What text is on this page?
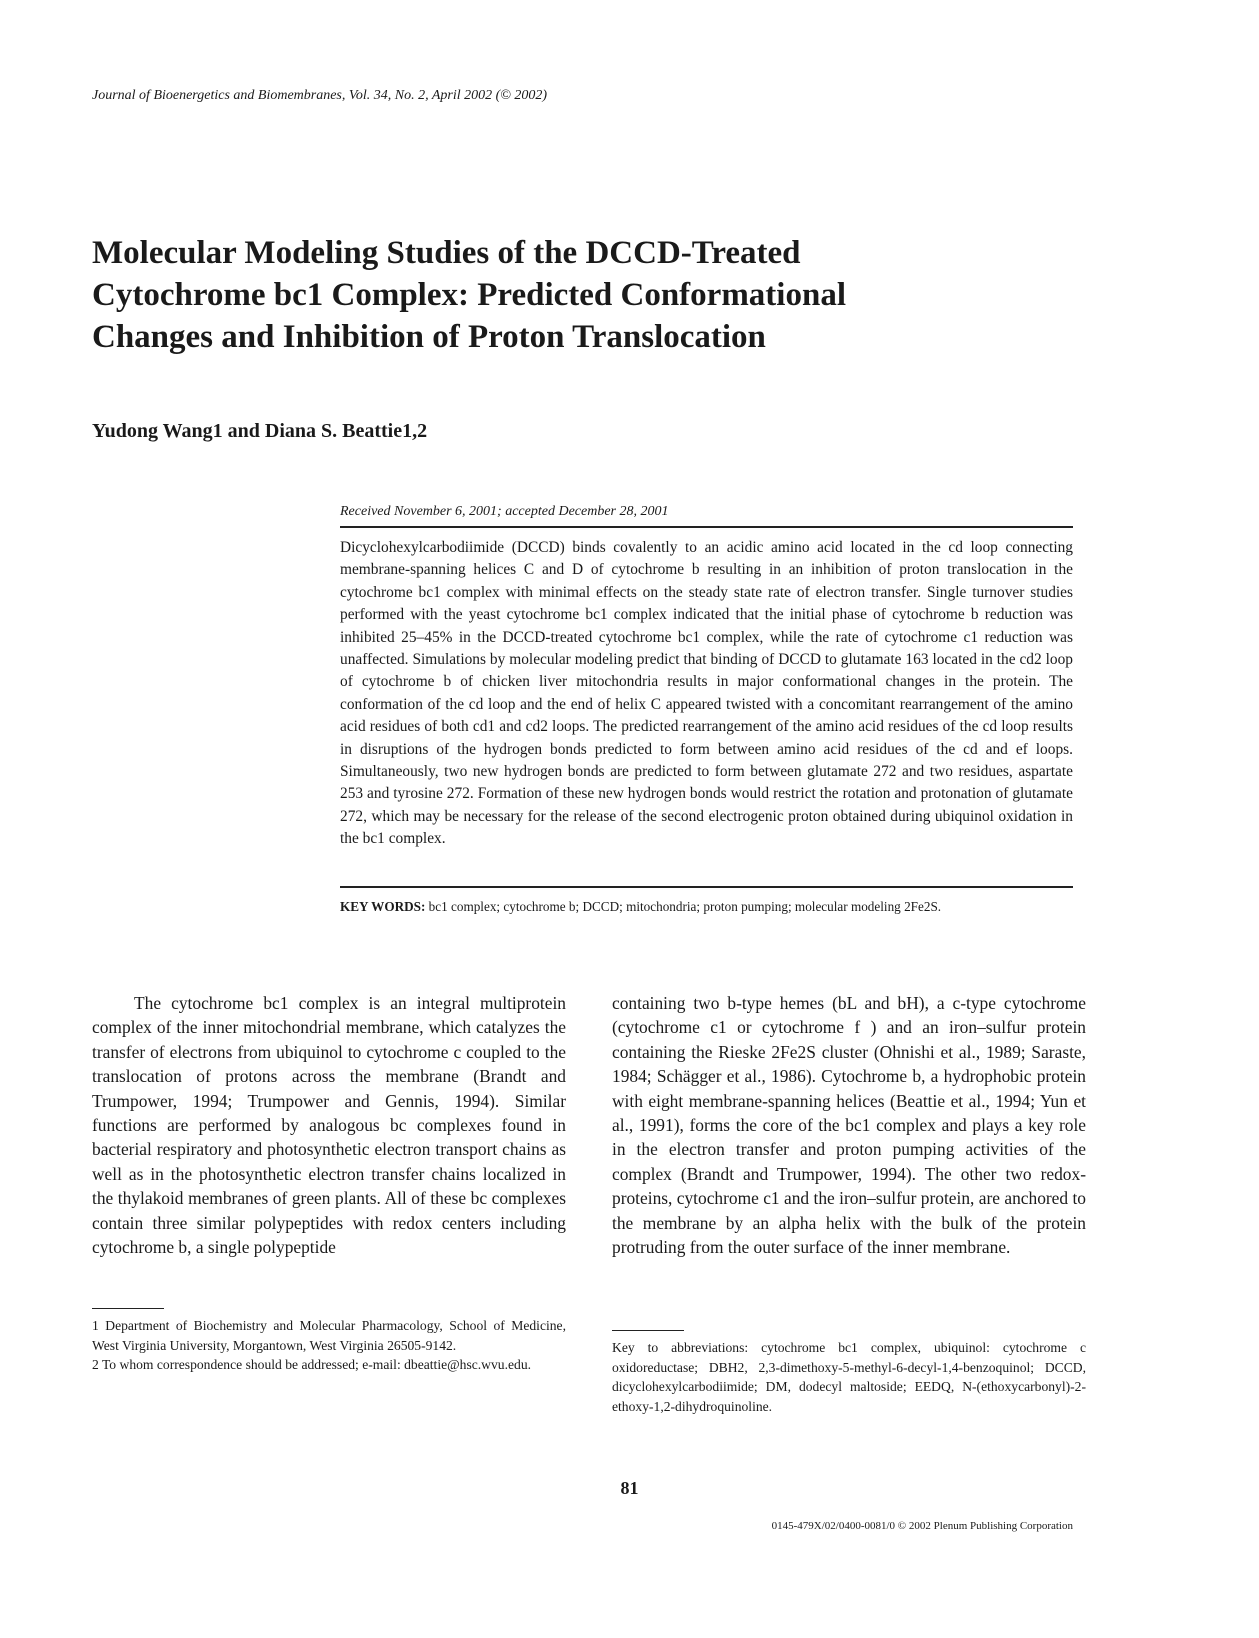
Journal of Bioenergetics and Biomembranes, Vol. 34, No. 2, April 2002 (© 2002)
Molecular Modeling Studies of the DCCD-Treated
Cytochrome bc1 Complex: Predicted Conformational
Changes and Inhibition of Proton Translocation
Yudong Wang1 and Diana S. Beattie1,2
Received November 6, 2001; accepted December 28, 2001

Dicyclohexylcarbodiimide (DCCD) binds covalently to an acidic amino acid located in the cd loop connecting membrane-spanning helices C and D of cytochrome b resulting in an inhibition of proton translocation in the cytochrome bc1 complex with minimal effects on the steady state rate of electron transfer. Single turnover studies performed with the yeast cytochrome bc1 complex indicated that the initial phase of cytochrome b reduction was inhibited 25–45% in the DCCD-treated cytochrome bc1 complex, while the rate of cytochrome c1 reduction was unaffected. Simulations by molecular modeling predict that binding of DCCD to glutamate 163 located in the cd2 loop of cytochrome b of chicken liver mitochondria results in major conformational changes in the protein. The conformation of the cd loop and the end of helix C appeared twisted with a concomitant rearrangement of the amino acid residues of both cd1 and cd2 loops. The predicted rearrangement of the amino acid residues of the cd loop results in disruptions of the hydrogen bonds predicted to form between amino acid residues of the cd and ef loops. Simultaneously, two new hydrogen bonds are predicted to form between glutamate 272 and two residues, aspartate 253 and tyrosine 272. Formation of these new hydrogen bonds would restrict the rotation and protonation of glutamate 272, which may be necessary for the release of the second electrogenic proton obtained during ubiquinol oxidation in the bc1 complex.

KEY WORDS: bc1 complex; cytochrome b; DCCD; mitochondria; proton pumping; molecular modeling 2Fe2S.

The cytochrome bc1 complex is an integral multiprotein complex of the inner mitochondrial membrane, which catalyzes the transfer of electrons from ubiquinol to cytochrome c coupled to the translocation of protons across the membrane (Brandt and Trumpower, 1994; Trumpower and Gennis, 1994). Similar functions are performed by analogous bc complexes found in bacterial respiratory and photosynthetic electron transport chains as well as in the photosynthetic electron transfer chains localized in the thylakoid membranes of green plants. All of these bc complexes contain three similar polypeptides with redox centers including cytochrome b, a single polypeptide

containing two b-type hemes (bL and bH), a c-type cytochrome (cytochrome c1 or cytochrome f ) and an iron–sulfur protein containing the Rieske 2Fe2S cluster (Ohnishi et al., 1989; Saraste, 1984; Schägger et al., 1986). Cytochrome b, a hydrophobic protein with eight membrane-spanning helices (Beattie et al., 1994; Yun et al., 1991), forms the core of the bc1 complex and plays a key role in the electron transfer and proton pumping activities of the complex (Brandt and Trumpower, 1994). The other two redox-proteins, cytochrome c1 and the iron–sulfur protein, are anchored to the membrane by an alpha helix with the bulk of the protein protruding from the outer surface of the inner membrane.

1 Department of Biochemistry and Molecular Pharmacology, School of Medicine, West Virginia University, Morgantown, West Virginia 26505-9142.

2 To whom correspondence should be addressed; e-mail: dbeattie@hsc.wvu.edu.

Key to abbreviations: cytochrome bc1 complex, ubiquinol: cytochrome c oxidoreductase; DBH2, 2,3-dimethoxy-5-methyl-6-decyl-1,4-benzoquinol; DCCD, dicyclohexylcarbodiimide; DM, dodecyl maltoside; EEDQ, N-(ethoxycarbonyl)-2-ethoxy-1,2-dihydroquinoline.

81
0145-479X/02/0400-0081/0 © 2002 Plenum Publishing Corporation
